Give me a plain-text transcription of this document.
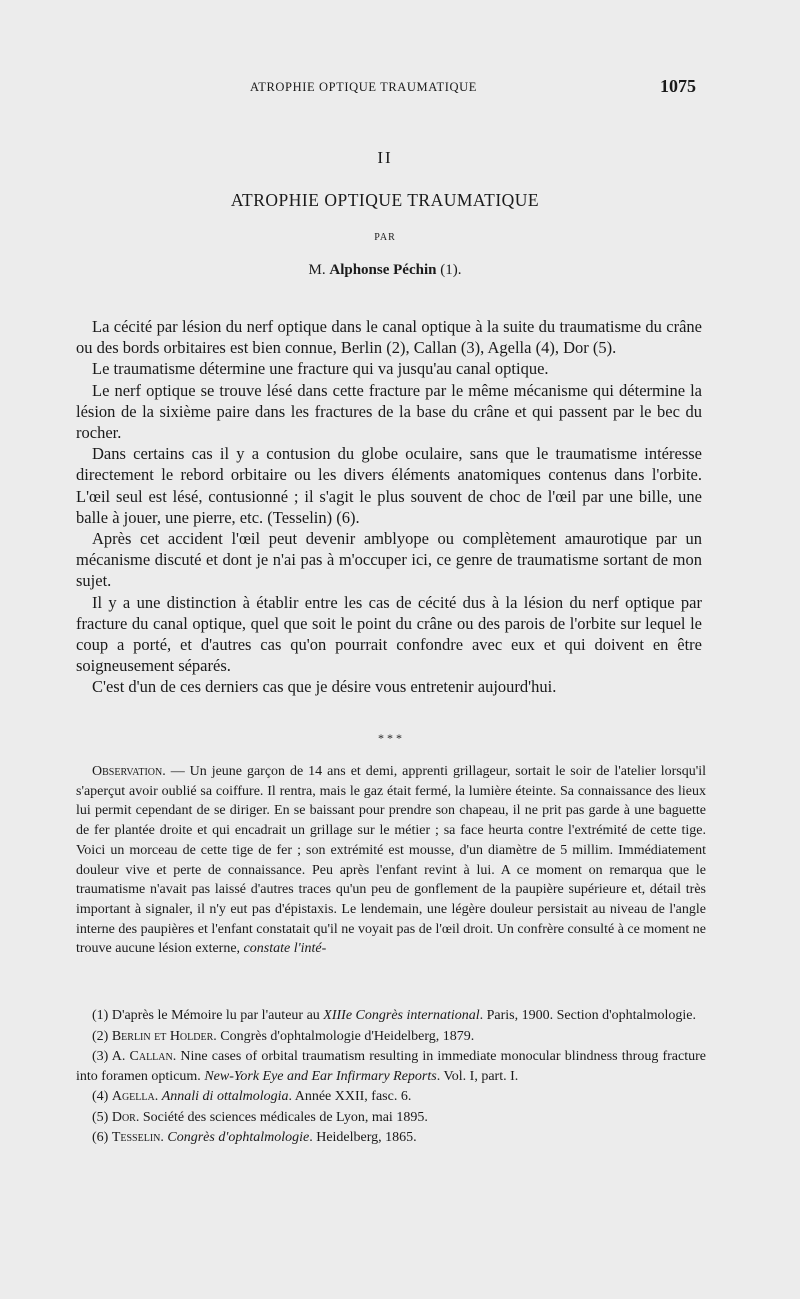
ATROPHIE OPTIQUE TRAUMATIQUE	1075
II
ATROPHIE OPTIQUE TRAUMATIQUE
PAR
M. Alphonse Péchin (1).

La cécité par lésion du nerf optique dans le canal optique à la suite du traumatisme du crâne ou des bords orbitaires est bien connue, Berlin (2), Callan (3), Agella (4), Dor (5).

Le traumatisme détermine une fracture qui va jusqu'au canal optique.

Le nerf optique se trouve lésé dans cette fracture par le même mécanisme qui détermine la lésion de la sixième paire dans les fractures de la base du crâne et qui passent par le bec du rocher.

Dans certains cas il y a contusion du globe oculaire, sans que le traumatisme intéresse directement le rebord orbitaire ou les divers éléments anatomiques contenus dans l'orbite. L'œil seul est lésé, contusionné ; il s'agit le plus souvent de choc de l'œil par une bille, une balle à jouer, une pierre, etc. (Tesselin) (6).

Après cet accident l'œil peut devenir amblyope ou complètement amaurotique par un mécanisme discuté et dont je n'ai pas à m'occuper ici, ce genre de traumatisme sortant de mon sujet.

Il y a une distinction à établir entre les cas de cécité dus à la lésion du nerf optique par fracture du canal optique, quel que soit le point du crâne ou des parois de l'orbite sur lequel le coup a porté, et d'autres cas qu'on pourrait confondre avec eux et qui doivent en être soigneusement séparés.

C'est d'un de ces derniers cas que je désire vous entretenir aujourd'hui.

* * *

Observation. — Un jeune garçon de 14 ans et demi, apprenti grillageur, sortait le soir de l'atelier lorsqu'il s'aperçut avoir oublié sa coiffure. Il rentra, mais le gaz était fermé, la lumière éteinte. Sa connaissance des lieux lui permit cependant de se diriger. En se baissant pour prendre son chapeau, il ne prit pas garde à une baguette de fer plantée droite et qui encadrait un grillage sur le métier ; sa face heurta contre l'extrémité de cette tige. Voici un morceau de cette tige de fer ; son extrémité est mousse, d'un diamètre de 5 millim. Immédiatement douleur vive et perte de connaissance. Peu après l'enfant revint à lui. A ce moment on remarqua que le traumatisme n'avait pas laissé d'autres traces qu'un peu de gonflement de la paupière supérieure et, détail très important à signaler, il n'y eut pas d'épistaxis. Le lendemain, une légère douleur persistait au niveau de l'angle interne des paupières et l'enfant constatait qu'il ne voyait pas de l'œil droit. Un confrère consulté à ce moment ne trouve aucune lésion externe, constate l'inté-

(1) D'après le Mémoire lu par l'auteur au XIIIe Congrès international. Paris, 1900. Section d'ophtalmologie.

(2) Berlin et Holder. Congrès d'ophtalmologie d'Heidelberg, 1879.

(3) A. Callan. Nine cases of orbital traumatism resulting in immediate monocular blindness throug fracture into foramen opticum. New-York Eye and Ear Infirmary Reports. Vol. I, part. I.

(4) Agella. Annali di ottalmologia. Année XXII, fasc. 6.

(5) Dor. Société des sciences médicales de Lyon, mai 1895.

(6) Tesselin. Congrès d'ophtalmologie. Heidelberg, 1865.
